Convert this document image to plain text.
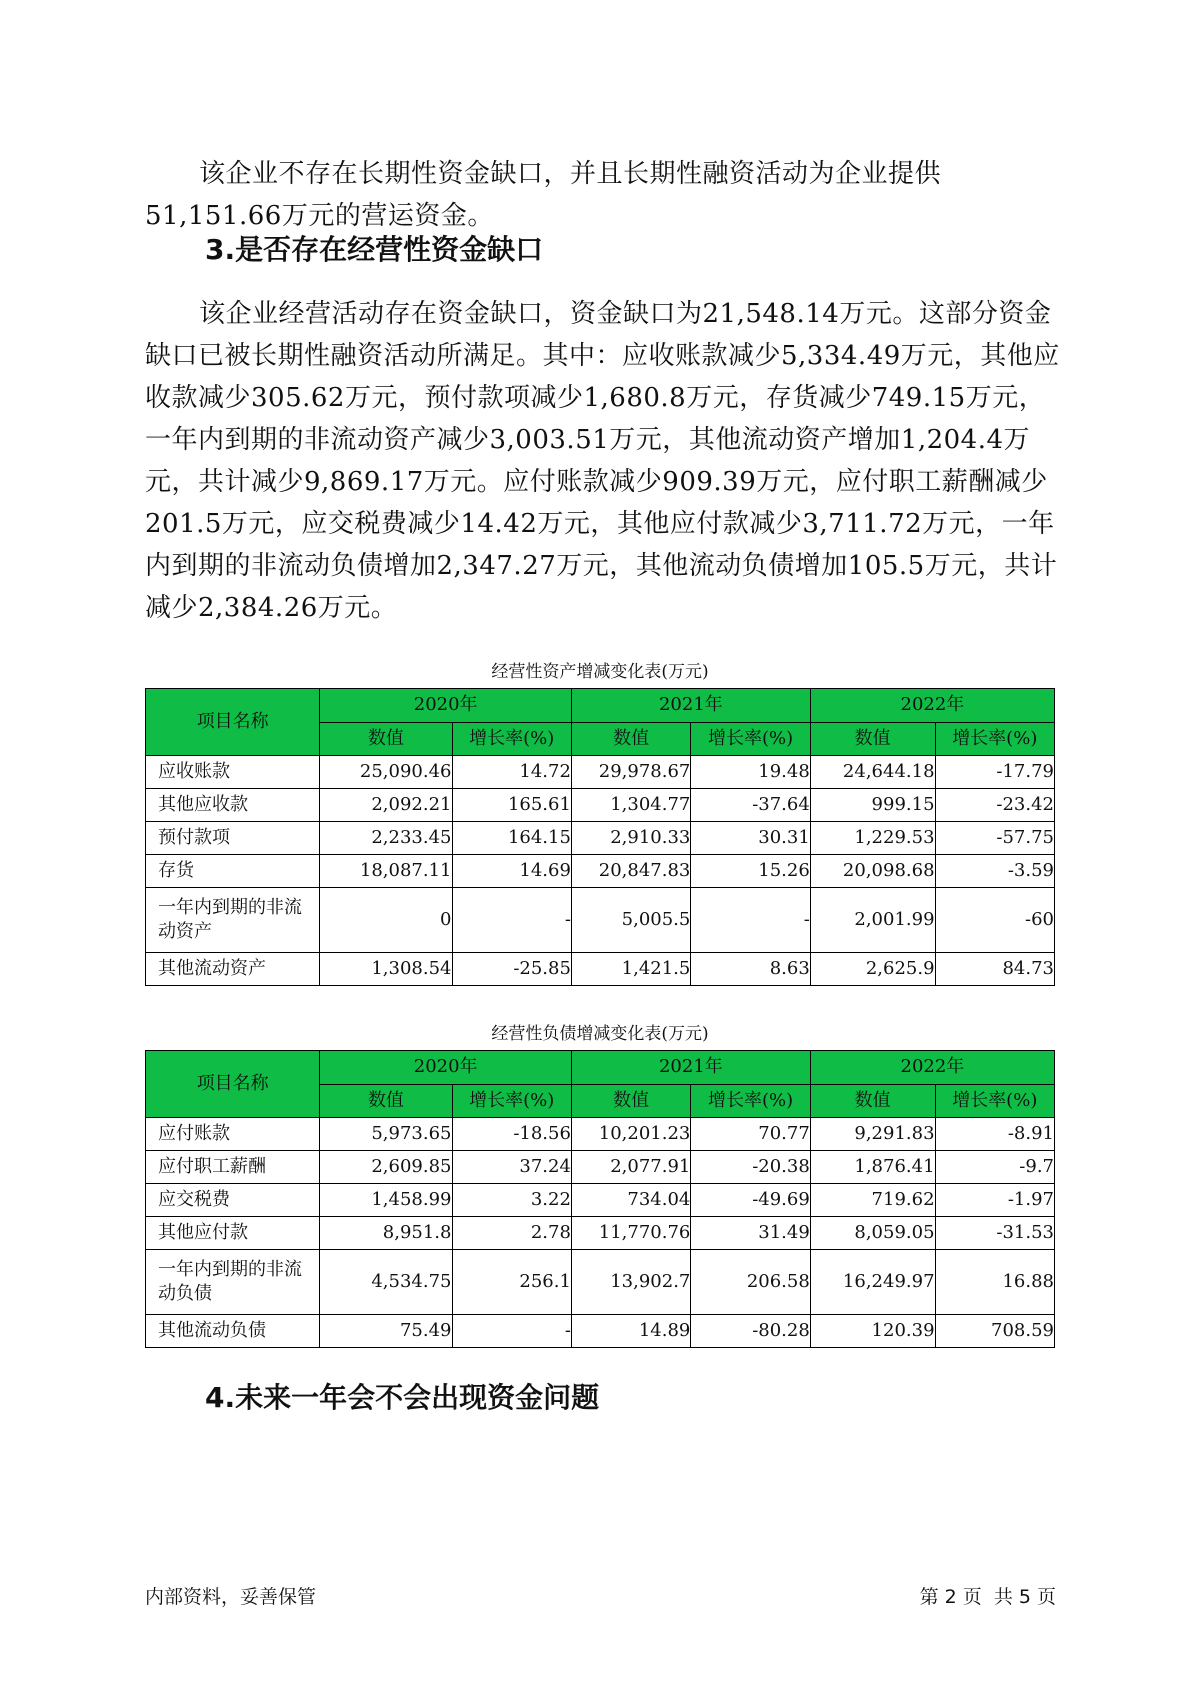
该企业不存在长期性资金缺口，并且长期性融资活动为企业提供
51,151.66万元的营运资金。

3.是否存在经营性资金缺口

该企业经营活动存在资金缺口，资金缺口为21,548.14万元。这部分资金缺口已被长期性融资活动所满足。其中：应收账款减少5,334.49万元，其他应收款减少305.62万元，预付款项减少1,680.8万元，存货减少749.15万元，一年内到期的非流动资产减少3,003.51万元，其他流动资产增加1,204.4万元，共计减少9,869.17万元。应付账款减少909.39万元，应付职工薪酬减少201.5万元，应交税费减少14.42万元，其他应付款减少3,711.72万元，一年内到期的非流动负债增加2,347.27万元，其他流动负债增加105.5万元，共计减少2,384.26万元。

经营性资产增减变化表(万元)

项目名称	2020年		2021年		2022年	
	数值	增长率(%)	数值	增长率(%)	数值	增长率(%)
应收账款	25,090.46	14.72	29,978.67	19.48	24,644.18	-17.79
其他应收款	2,092.21	165.61	1,304.77	-37.64	999.15	-23.42
预付款项	2,233.45	164.15	2,910.33	30.31	1,229.53	-57.75
存货	18,087.11	14.69	20,847.83	15.26	20,098.68	-3.59
一年内到期的非流动资产	0	-	5,005.5	-	2,001.99	-60
其他流动资产	1,308.54	-25.85	1,421.5	8.63	2,625.9	84.73

经营性负债增减变化表(万元)

项目名称	2020年		2021年		2022年	
	数值	增长率(%)	数值	增长率(%)	数值	增长率(%)
应付账款	5,973.65	-18.56	10,201.23	70.77	9,291.83	-8.91
应付职工薪酬	2,609.85	37.24	2,077.91	-20.38	1,876.41	-9.7
应交税费	1,458.99	3.22	734.04	-49.69	719.62	-1.97
其他应付款	8,951.8	2.78	11,770.76	31.49	8,059.05	-31.53
一年内到期的非流动负债	4,534.75	256.1	13,902.7	206.58	16,249.97	16.88
其他流动负债	75.49	-	14.89	-80.28	120.39	708.59
4.未来一年会不会出现资金问题

内部资料，妥善保管	第 2 页  共 5 页
